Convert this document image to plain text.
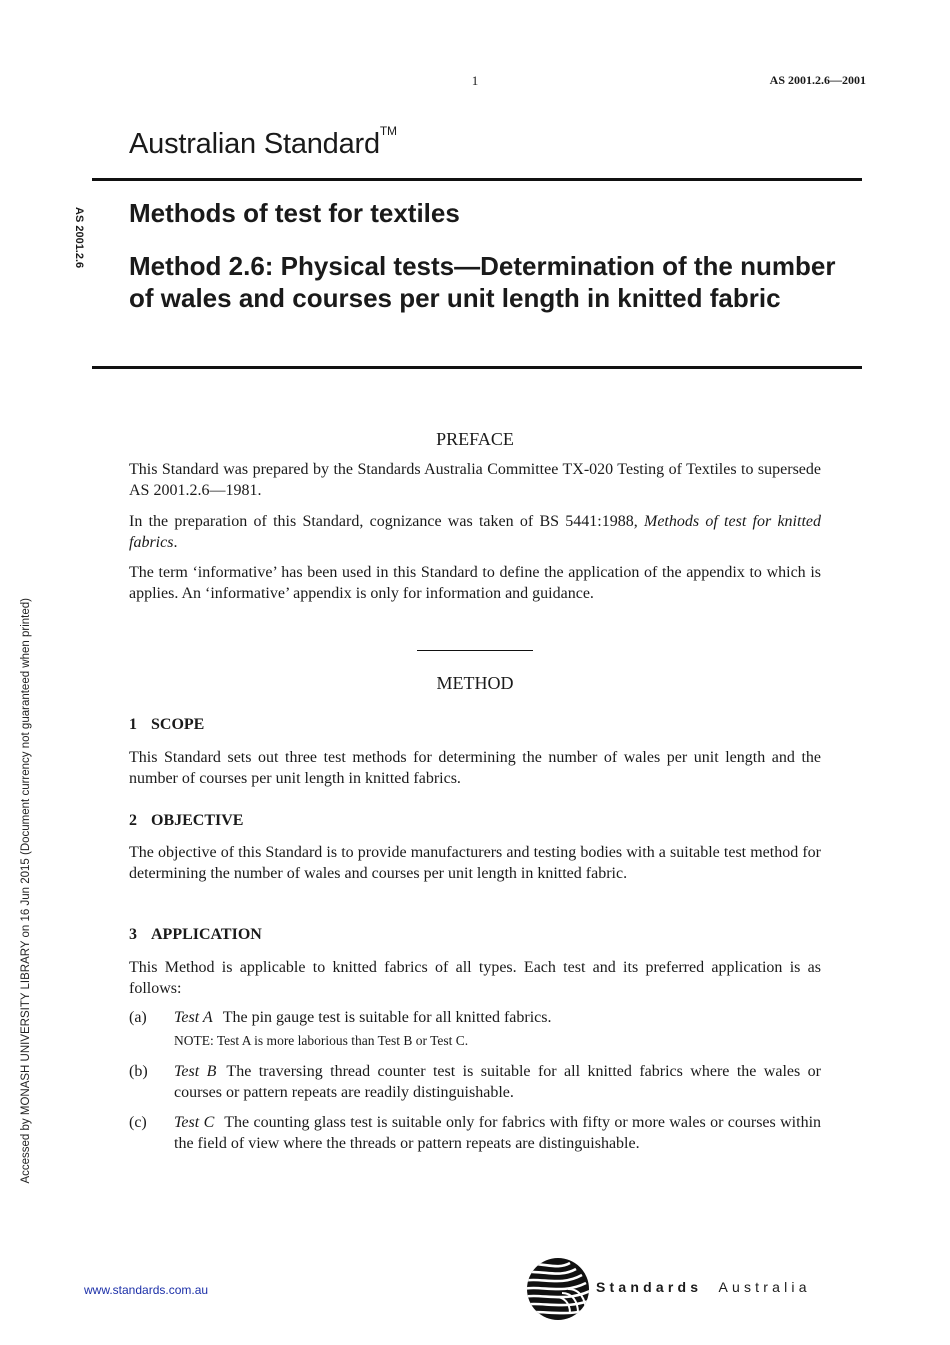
1	AS 2001.2.6—2001
Australian Standard™
AS 2001.2.6 Methods of test for textiles
Method 2.6: Physical tests—Determination of the number of wales and courses per unit length in knitted fabric
PREFACE
This Standard was prepared by the Standards Australia Committee TX-020 Testing of Textiles to supersede AS 2001.2.6—1981.
In the preparation of this Standard, cognizance was taken of BS 5441:1988, Methods of test for knitted fabrics.
The term ‘informative’ has been used in this Standard to define the application of the appendix to which is applies. An ‘informative’ appendix is only for information and guidance.
METHOD
1 SCOPE
This Standard sets out three test methods for determining the number of wales per unit length and the number of courses per unit length in knitted fabrics.
2 OBJECTIVE
The objective of this Standard is to provide manufacturers and testing bodies with a suitable test method for determining the number of wales and courses per unit length in knitted fabric.
3 APPLICATION
This Method is applicable to knitted fabrics of all types. Each test and its preferred application is as follows:
(a) Test A The pin gauge test is suitable for all knitted fabrics.
NOTE: Test A is more laborious than Test B or Test C.
(b) Test B The traversing thread counter test is suitable for all knitted fabrics where the wales or courses or pattern repeats are readily distinguishable.
(c) Test C The counting glass test is suitable only for fabrics with fifty or more wales or courses within the field of view where the threads or pattern repeats are distinguishable.
Accessed by MONASH UNIVERSITY LIBRARY on 16 Jun 2015 (Document currency not guaranteed when printed)
www.standards.com.au	Standards Australia
